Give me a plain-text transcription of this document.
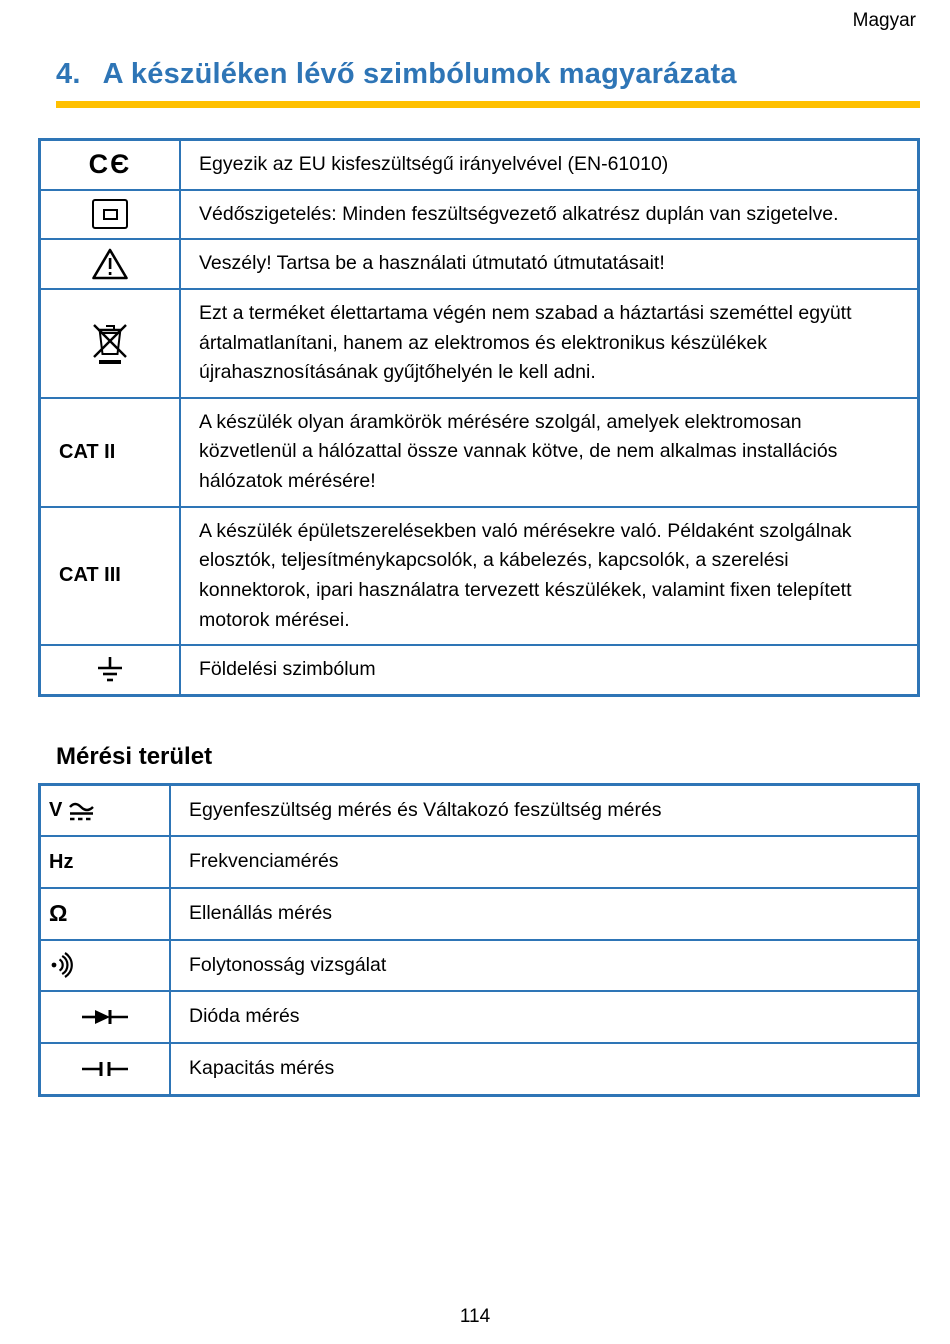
Magyar
4. A készüléken lévő szimbólumok magyarázata
CЄ	Egyezik az EU kisfeszültségű irányelvével (EN-61010)

	Védőszigetelés: Minden feszültségvezető alkatrész duplán van szigetelve.
	Veszély! Tartsa be a használati útmutató útmutatásait!
	Ezt a terméket élettartama végén nem szabad a háztartási szeméttel együtt ártalmatlanítani, hanem az elektromos és elektronikus készülékek újrahasznosításának gyűjtőhelyén le kell adni.
CAT II	A készülék olyan áramkörök mérésére szolgál, amelyek elektromosan közvetlenül a hálózattal össze vannak kötve, de nem alkalmas installációs hálózatok mérésére!
CAT III	A készülék épületszerelésekben való mérésekre való. Példaként szolgálnak elosztók, teljesítménykapcsolók, a kábelezés, kapcsolók, a szerelési konnektorok, ipari használatra tervezett készülékek, valamint fixen telepített motorok mérései.
	Földelési szimbólum
Mérési terület
V	Egyenfeszültség mérés és Váltakozó feszültség mérés
Hz	Frekvenciamérés
Ω	Ellenállás mérés
	Folytonosság vizsgálat
	Dióda mérés
	Kapacitás mérés
114
